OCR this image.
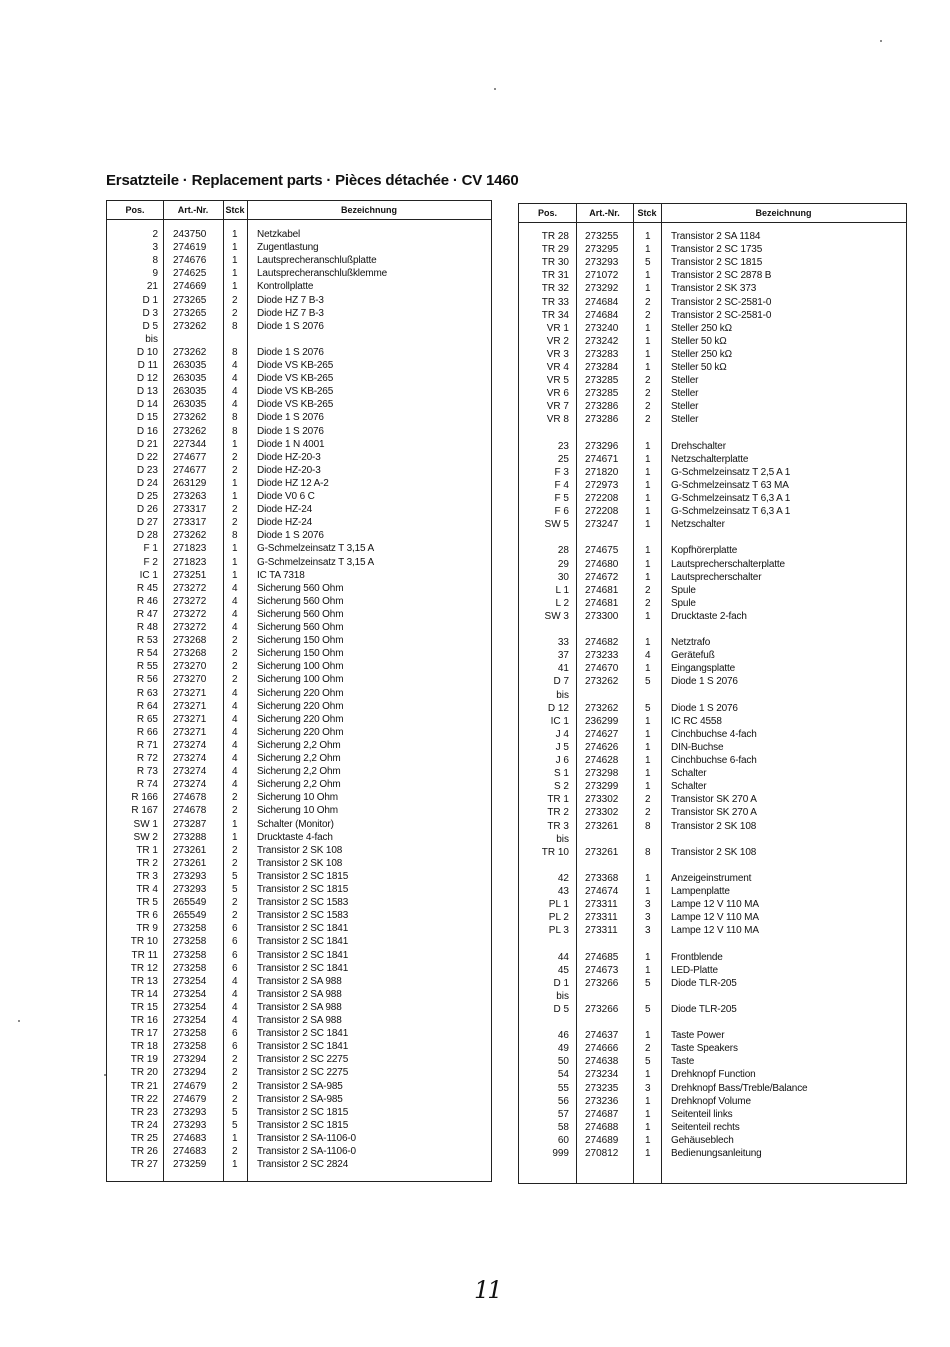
Ersatzteile · Replacement parts · Pièces détachée · CV 1460
Pos.	Art.-Nr.	Stck	Bezeichnung
2 243750	1	Netzkabel
3 274619	1	Zugentlastung
8 274676	1	Lautsprecheranschlußplatte
9 274625	1	Lautsprecheranschlußklemme
21 274669	1	Kontrollplatte
D 1 273265	2	Diode HZ 7 B-3
D 3 273265	2	Diode HZ 7 B-3
D 5 273262	8	Diode 1 S 2076
bis
D 10 273262	8	Diode 1 S 2076
D 11 263035	4	Diode VS KB-265
D 12 263035	4	Diode VS KB-265
D 13 263035	4	Diode VS KB-265
D 14 263035	4	Diode VS KB-265
D 15 273262	8	Diode 1 S 2076
D 16 273262	8	Diode 1 S 2076
D 21 227344	1	Diode 1 N 4001
D 22 274677	2	Diode HZ-20-3
D 23 274677	2	Diode HZ-20-3
D 24 263129	1	Diode HZ 12 A-2
D 25 273263	1	Diode V0 6 C
D 26 273317	2	Diode HZ-24
D 27 273317	2	Diode HZ-24
D 28 273262	8	Diode 1 S 2076
F 1 271823	1	G-Schmelzeinsatz T 3,15 A
F 2 271823	1	G-Schmelzeinsatz T 3,15 A
IC 1 273251	1	IC TA 7318
R 45 273272	4	Sicherung 560 Ohm
R 46 273272	4	Sicherung 560 Ohm
R 47 273272	4	Sicherung 560 Ohm
R 48 273272	4	Sicherung 560 Ohm
R 53 273268	2	Sicherung 150 Ohm
R 54 273268	2	Sicherung 150 Ohm
R 55 273270	2	Sicherung 100 Ohm
R 56 273270	2	Sicherung 100 Ohm
R 63 273271	4	Sicherung 220 Ohm
R 64 273271	4	Sicherung 220 Ohm
R 65 273271	4	Sicherung 220 Ohm
R 66 273271	4	Sicherung 220 Ohm
R 71 273274	4	Sicherung 2,2 Ohm
R 72 273274	4	Sicherung 2,2 Ohm
R 73 273274	4	Sicherung 2,2 Ohm
R 74 273274	4	Sicherung 2,2 Ohm
R 166 274678	2	Sicherung 10 Ohm
R 167 274678	2	Sicherung 10 Ohm
SW 1 273287	1	Schalter (Monitor)
SW 2 273288	1	Drucktaste 4-fach
TR 1 273261	2	Transistor 2 SK 108
TR 2 273261	2	Transistor 2 SK 108
TR 3 273293	5	Transistor 2 SC 1815
TR 4 273293	5	Transistor 2 SC 1815
TR 5 265549	2	Transistor 2 SC 1583
TR 6 265549	2	Transistor 2 SC 1583
TR 9 273258	6	Transistor 2 SC 1841
TR 10 273258	6	Transistor 2 SC 1841
TR 11 273258	6	Transistor 2 SC 1841
TR 12 273258	6	Transistor 2 SC 1841
TR 13 273254	4	Transistor 2 SA 988
TR 14 273254	4	Transistor 2 SA 988
TR 15 273254	4	Transistor 2 SA 988
TR 16 273254	4	Transistor 2 SA 988
TR 17 273258	6	Transistor 2 SC 1841
TR 18 273258	6	Transistor 2 SC 1841
TR 19 273294	2	Transistor 2 SC 2275
TR 20 273294	2	Transistor 2 SC 2275
TR 21 274679	2	Transistor 2 SA-985
TR 22 274679	2	Transistor 2 SA-985
TR 23 273293	5	Transistor 2 SC 1815
TR 24 273293	5	Transistor 2 SC 1815
TR 25 274683	1	Transistor 2 SA-1106-0
TR 26 274683	2	Transistor 2 SA-1106-0
TR 27 273259	1	Transistor 2 SC 2824
Pos.	Art.-Nr.	Stck	Bezeichnung
TR 28 273255	1	Transistor 2 SA 1184
TR 29 273295	1	Transistor 2 SC 1735
TR 30 273293	5	Transistor 2 SC 1815
TR 31 271072	1	Transistor 2 SC 2878 B
TR 32 273292	1	Transistor 2 SK 373
TR 33 274684	2	Transistor 2 SC-2581-0
TR 34 274684	2	Transistor 2 SC-2581-0
VR 1 273240	1	Steller 250 kΩ
VR 2 273242	1	Steller 50 kΩ
VR 3 273283	1	Steller 250 kΩ
VR 4 273284	1	Steller 50 kΩ
VR 5 273285	2	Steller
VR 6 273285	2	Steller
VR 7 273286	2	Steller
VR 8 273286	2	Steller
23 273296	1	Drehschalter
25 274671	1	Netzschalterplatte
F 3 271820	1	G-Schmelzeinsatz T 2,5 A 1
F 4 272973	1	G-Schmelzeinsatz T 63 MA
F 5 272208	1	G-Schmelzeinsatz T 6,3 A 1
F 6 272208	1	G-Schmelzeinsatz T 6,3 A 1
SW 5 273247	1	Netzschalter
28 274675	1	Kopfhörerplatte
29 274680	1	Lautsprecherschalterplatte
30 274672	1	Lautsprecherschalter
L 1 274681	2	Spule
L 2 274681	2	Spule
SW 3 273300	1	Drucktaste 2-fach
33 274682	1	Netztrafo
37 273233	4	Gerätefuß
41 274670	1	Eingangsplatte
D 7 273262	5	Diode 1 S 2076
bis
D 12 273262	5	Diode 1 S 2076
IC 1 236299	1	IC RC 4558
J 4 274627	1	Cinchbuchse 4-fach
J 5 274626	1	DIN-Buchse
J 6 274628	1	Cinchbuchse 6-fach
S 1 273298	1	Schalter
S 2 273299	1	Schalter
TR 1 273302	2	Transistor SK 270 A
TR 2 273302	2	Transistor SK 270 A
TR 3 273261	8	Transistor 2 SK 108
bis
TR 10 273261	8	Transistor 2 SK 108
42 273368	1	Anzeigeinstrument
43 274674	1	Lampenplatte
PL 1 273311	3	Lampe 12 V 110 MA
PL 2 273311	3	Lampe 12 V 110 MA
PL 3 273311	3	Lampe 12 V 110 MA
44 274685	1	Frontblende
45 274673	1	LED-Platte
D 1 273266	5	Diode TLR-205
bis
D 5 273266	5	Diode TLR-205
46 274637	1	Taste Power
49 274666	2	Taste Speakers
50 274638	5	Taste
54 273234	1	Drehknopf Function
55 273235	3	Drehknopf Bass/Treble/Balance
56 273236	1	Drehknopf Volume
57 274687	1	Seitenteil links
58 274688	1	Seitenteil rechts
60 274689	1	Gehäuseblech
999 270812	1	Bedienungsanleitung
11
